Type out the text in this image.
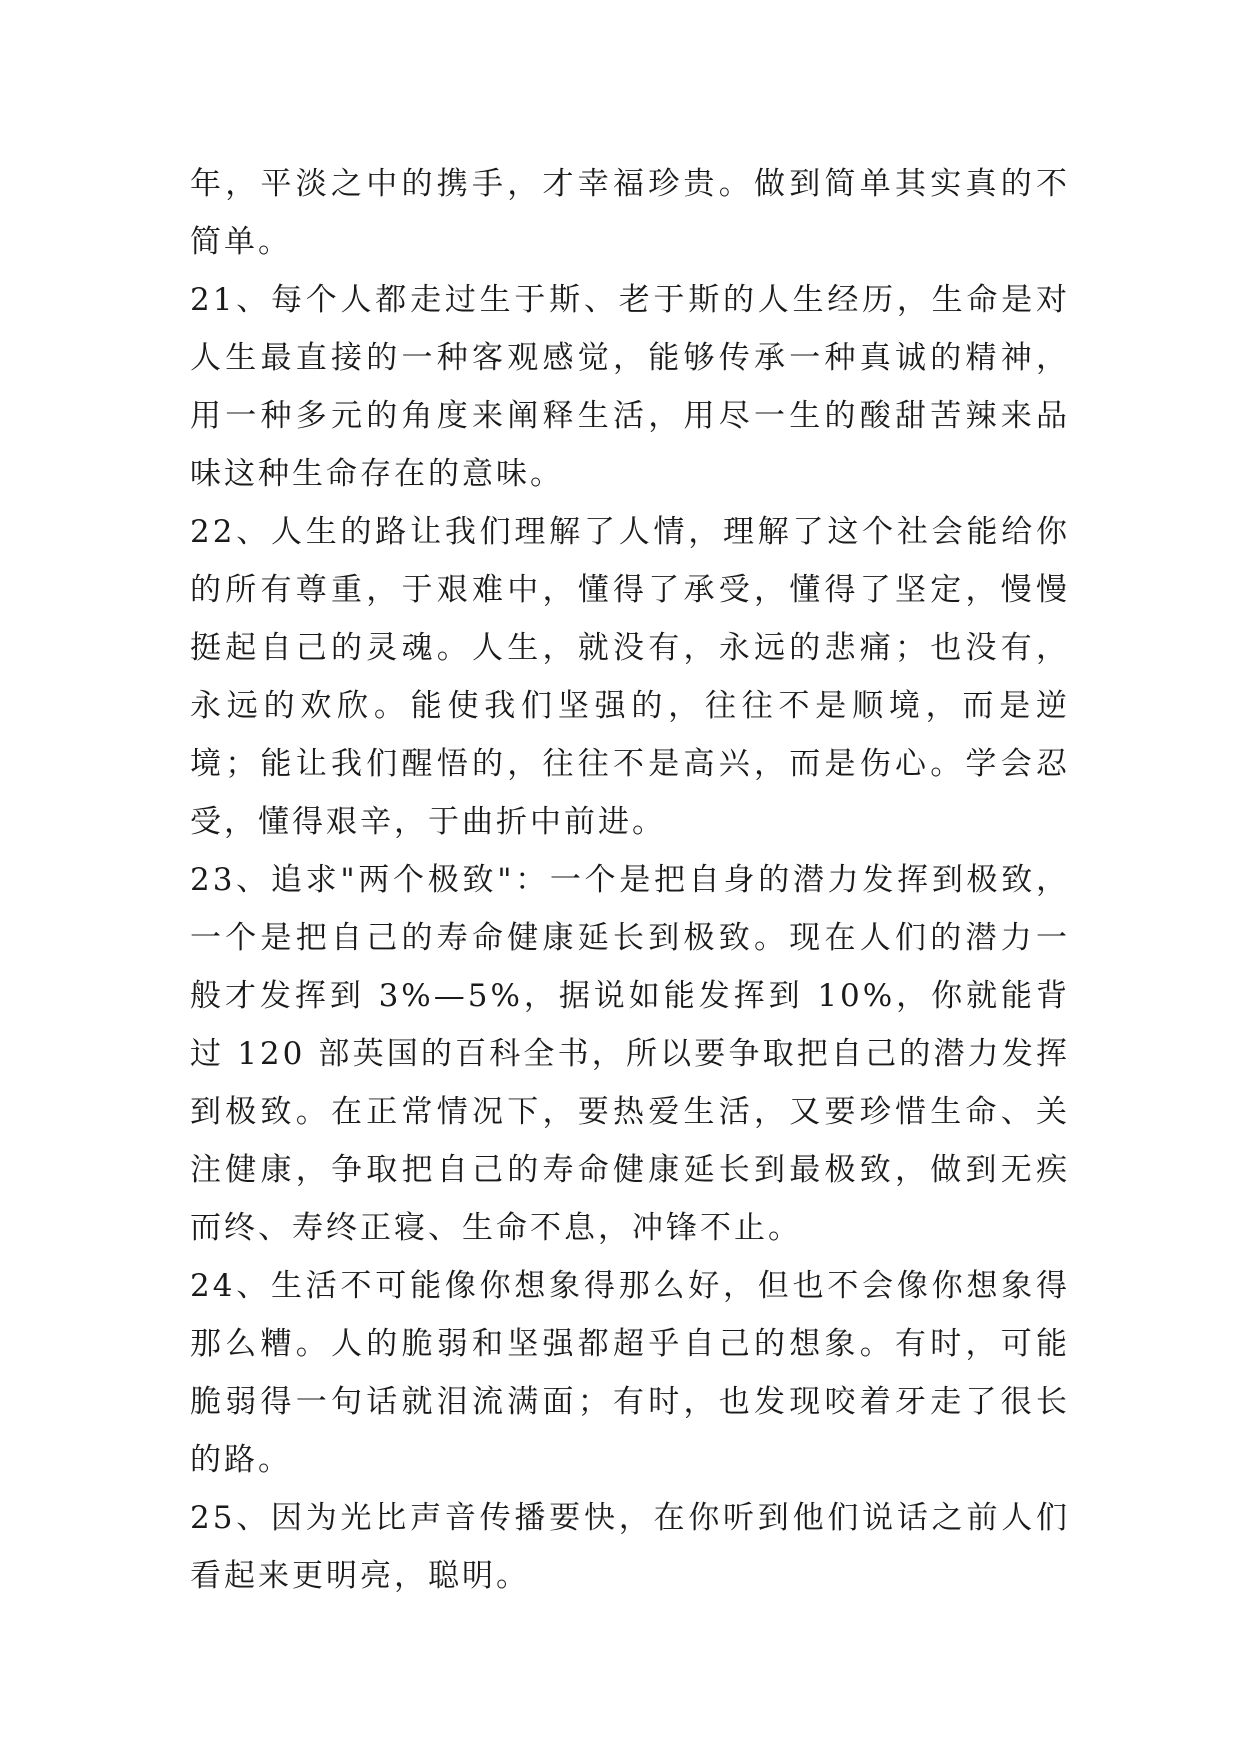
年，平淡之中的携手，才幸福珍贵。做到简单其实真的不简单。

21、每个人都走过生于斯、老于斯的人生经历，生命是对人生最直接的一种客观感觉，能够传承一种真诚的精神，用一种多元的角度来阐释生活，用尽一生的酸甜苦辣来品味这种生命存在的意味。

22、人生的路让我们理解了人情，理解了这个社会能给你的所有尊重，于艰难中，懂得了承受，懂得了坚定，慢慢挺起自己的灵魂。人生，就没有，永远的悲痛；也没有，永远的欢欣。能使我们坚强的，往往不是顺境，而是逆境；能让我们醒悟的，往往不是高兴，而是伤心。学会忍受，懂得艰辛，于曲折中前进。

23、追求"两个极致"：一个是把自身的潜力发挥到极致，一个是把自己的寿命健康延长到极致。现在人们的潜力一般才发挥到 3%—5%，据说如能发挥到 10%，你就能背过 120 部英国的百科全书，所以要争取把自己的潜力发挥到极致。在正常情况下，要热爱生活，又要珍惜生命、关注健康，争取把自己的寿命健康延长到最极致，做到无疾而终、寿终正寝、生命不息，冲锋不止。

24、生活不可能像你想象得那么好，但也不会像你想象得那么糟。人的脆弱和坚强都超乎自己的想象。有时，可能脆弱得一句话就泪流满面；有时，也发现咬着牙走了很长的路。

25、因为光比声音传播要快，在你听到他们说话之前人们看起来更明亮，聪明。
